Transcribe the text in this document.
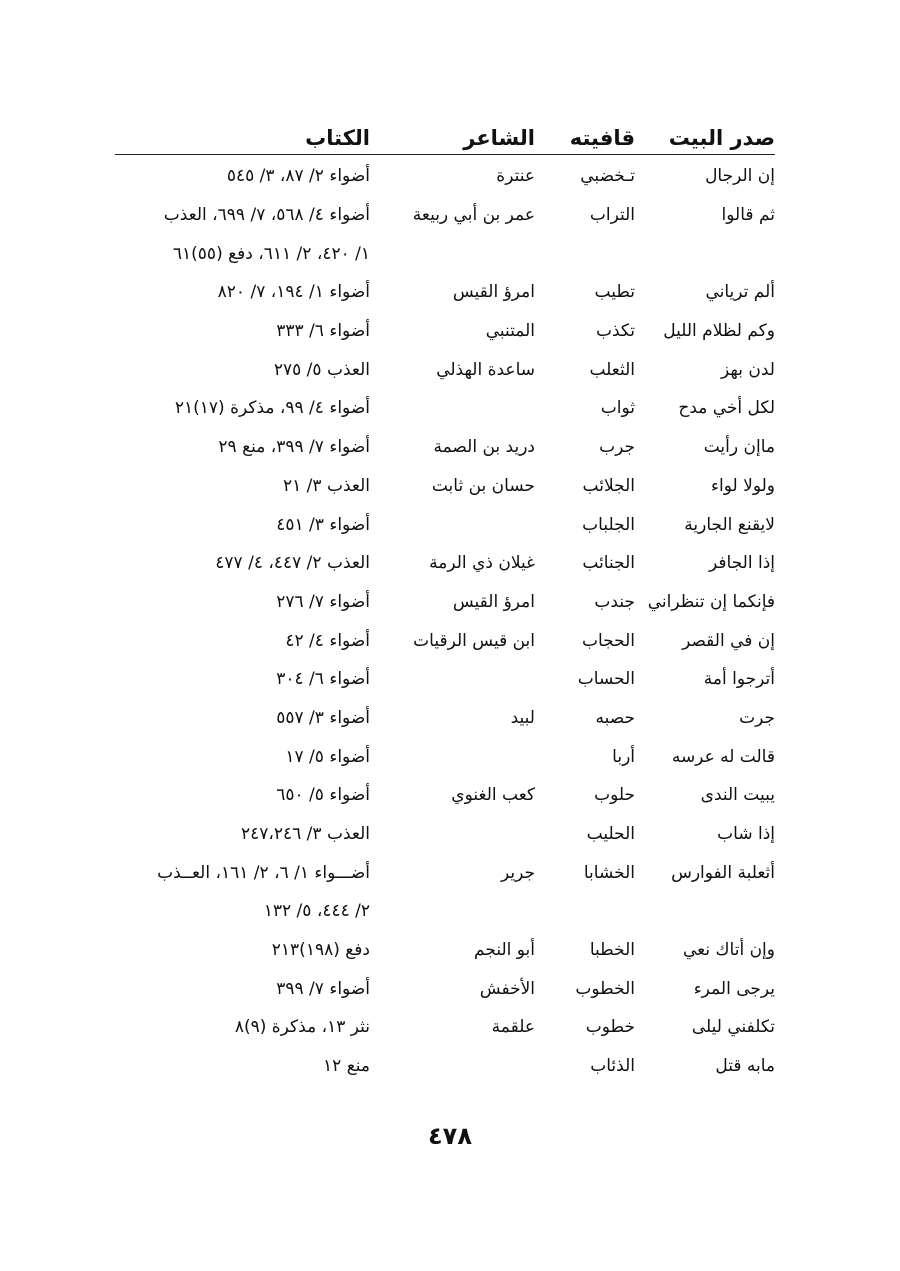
صدر البيت
قافيته
الشاعر
الكتاب
إن الرجال
تـخضبي
عنترة
أضواء ٢/ ٨٧، ٣/ ٥٤٥
ثم قالوا
التراب
عمر بن أبي ربيعة
أضواء ٤/ ٥٦٨، ٧/ ٦٩٩، العذب
١/ ٤٢٠، ٢/ ٦١١، دفع (٥٥)٦١
ألم ترياني
تطيب
امرؤ القيس
أضواء ١/ ١٩٤، ٧/ ٨٢٠
وكم لظلام الليل
تكذب
المتنبي
أضواء ٦/ ٣٣٣
لدن بهز
الثعلب
ساعدة الهذلي
العذب ٥/ ٢٧٥
لكل أخي مدح
ثواب
أضواء ٤/ ٩٩، مذكرة (١٧)٢١
ماإن رأيت
جرب
دريد بن الصمة
أضواء ٧/ ٣٩٩، منع ٢٩
ولولا لواء
الجلائب
حسان بن ثابت
العذب ٣/ ٢١
لايقنع الجارية
الجلباب
أضواء ٣/ ٤٥١
إذا الجافر
الجنائب
غيلان ذي الرمة
العذب ٢/ ٤٤٧، ٤/ ٤٧٧
فإنكما إن تنظراني
جندب
امرؤ القيس
أضواء ٧/ ٢٧٦
إن في القصر
الحجاب
ابن قيس الرقيات
أضواء ٤/ ٤٢
أترجوا أمة
الحساب
أضواء ٦/ ٣٠٤
جرت
حصبه
لبيد
أضواء ٣/ ٥٥٧
قالت له عرسه
أربا
أضواء ٥/ ١٧
يبيت الندى
حلوب
كعب الغنوي
أضواء ٥/ ٦٥٠
إذا شاب
الحليب
العذب ٣/ ٢٤٧،٢٤٦
أثعلبة الفوارس
الخشابا
جرير
أضـــواء ١/ ٦، ٢/ ١٦١، العــذب
٢/ ٤٤٤، ٥/ ١٣٢
وإن أتاك نعي
الخطبا
أبو النجم
دفع (١٩٨)٢١٣
يرجى المرء
الخطوب
الأخفش
أضواء ٧/ ٣٩٩
تكلفني ليلى
خطوب
علقمة
نثر ١٣، مذكرة (٩)٨
مابه قتل
الذئاب
منع ١٢
٤٧٨
